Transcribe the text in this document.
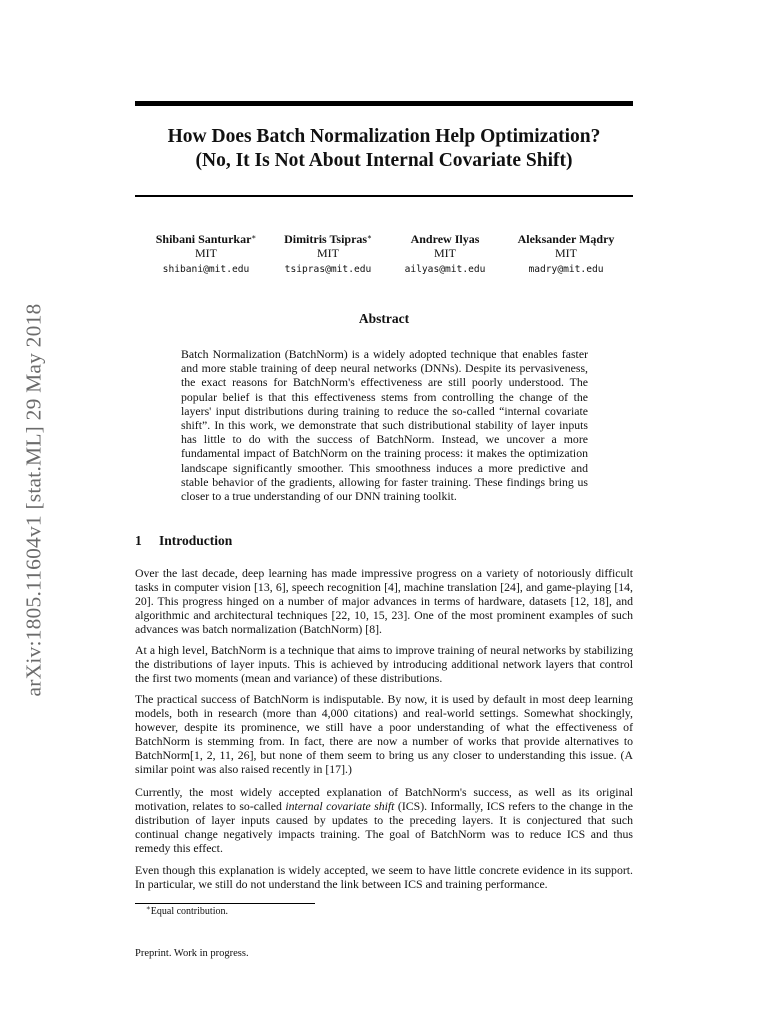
arXiv:1805.11604v1 [stat.ML] 29 May 2018
How Does Batch Normalization Help Optimization?
(No, It Is Not About Internal Covariate Shift)
Shibani Santurkar∗
MIT
shibani@mit.edu
Dimitris Tsipras∗
MIT
tsipras@mit.edu
Andrew Ilyas
MIT
ailyas@mit.edu
Aleksander Mądry
MIT
madry@mit.edu
Abstract
Batch Normalization (BatchNorm) is a widely adopted technique that enables faster and more stable training of deep neural networks (DNNs). Despite its pervasiveness, the exact reasons for BatchNorm's effectiveness are still poorly understood. The popular belief is that this effectiveness stems from controlling the change of the layers' input distributions during training to reduce the so-called “internal covariate shift”. In this work, we demonstrate that such distributional stability of layer inputs has little to do with the success of BatchNorm. Instead, we uncover a more fundamental impact of BatchNorm on the training process: it makes the optimization landscape significantly smoother. This smoothness induces a more predictive and stable behavior of the gradients, allowing for faster training. These findings bring us closer to a true understanding of our DNN training toolkit.
1 Introduction

Over the last decade, deep learning has made impressive progress on a variety of notoriously difficult tasks in computer vision [13, 6], speech recognition [4], machine translation [24], and game-playing [14, 20]. This progress hinged on a number of major advances in terms of hardware, datasets [12, 18], and algorithmic and architectural techniques [22, 10, 15, 23]. One of the most prominent examples of such advances was batch normalization (BatchNorm) [8].

At a high level, BatchNorm is a technique that aims to improve training of neural networks by stabilizing the distributions of layer inputs. This is achieved by introducing additional network layers that control the first two moments (mean and variance) of these distributions.

The practical success of BatchNorm is indisputable. By now, it is used by default in most deep learning models, both in research (more than 4,000 citations) and real-world settings. Somewhat shockingly, however, despite its prominence, we still have a poor understanding of what the effectiveness of BatchNorm is stemming from. In fact, there are now a number of works that provide alternatives to BatchNorm[1, 2, 11, 26], but none of them seem to bring us any closer to understanding this issue. (A similar point was also raised recently in [17].)

Currently, the most widely accepted explanation of BatchNorm's success, as well as its original motivation, relates to so-called internal covariate shift (ICS). Informally, ICS refers to the change in the distribution of layer inputs caused by updates to the preceding layers. It is conjectured that such continual change negatively impacts training. The goal of BatchNorm was to reduce ICS and thus remedy this effect.

Even though this explanation is widely accepted, we seem to have little concrete evidence in its support. In particular, we still do not understand the link between ICS and training performance.

∗Equal contribution.
Preprint. Work in progress.
